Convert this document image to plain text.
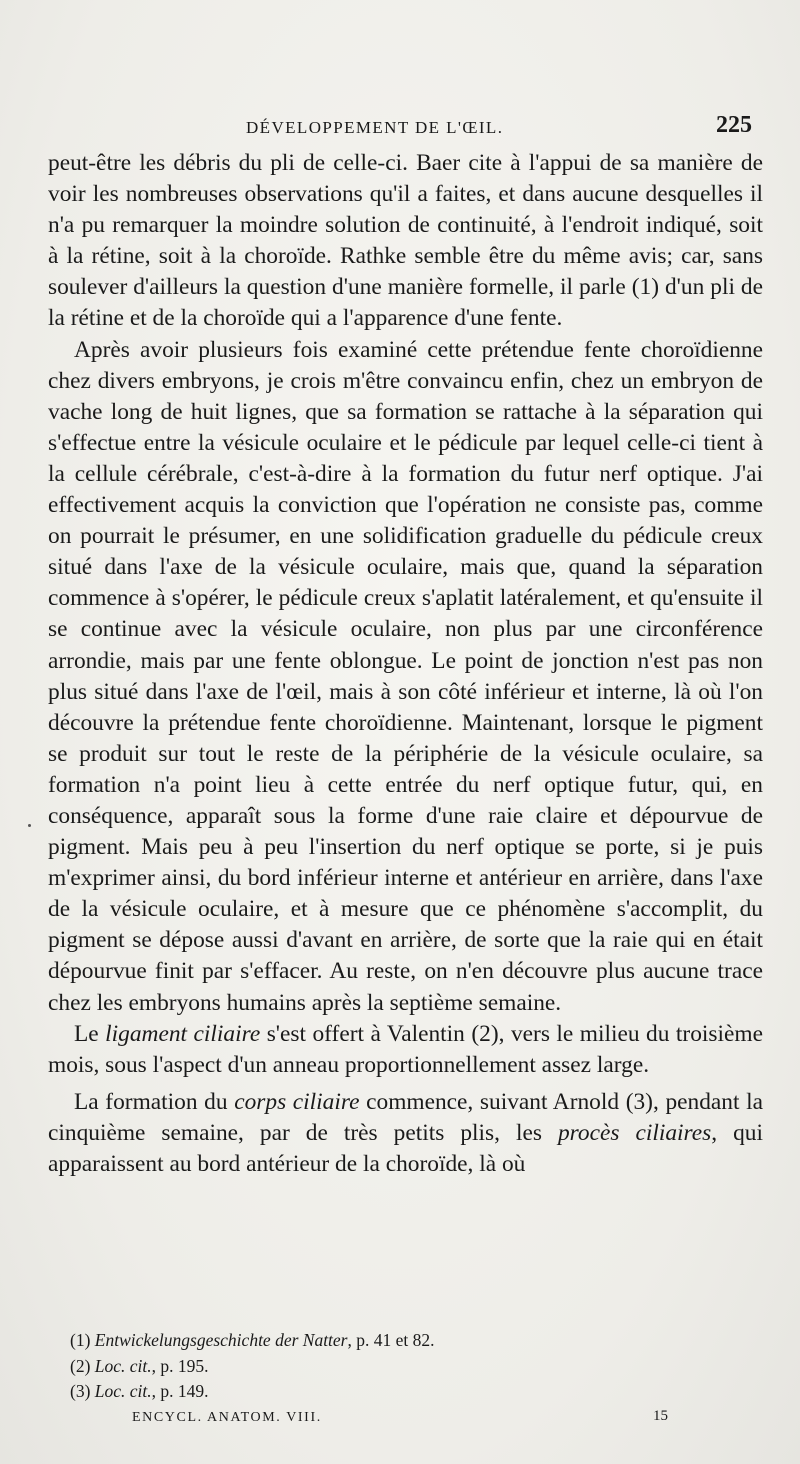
DÉVELOPPEMENT DE L'ŒIL.	225

peut-être les débris du pli de celle-ci. Baer cite à l'appui de sa manière de voir les nombreuses observations qu'il a faites, et dans aucune desquelles il n'a pu remarquer la moindre solution de continuité, à l'endroit indiqué, soit à la rétine, soit à la choroïde. Rathke semble être du même avis; car, sans soulever d'ailleurs la question d'une manière formelle, il parle (1) d'un pli de la rétine et de la choroïde qui a l'apparence d'une fente.

Après avoir plusieurs fois examiné cette prétendue fente choroïdienne chez divers embryons, je crois m'être convaincu enfin, chez un embryon de vache long de huit lignes, que sa formation se rattache à la séparation qui s'effectue entre la vésicule oculaire et le pédicule par lequel celle-ci tient à la cellule cérébrale, c'est-à-dire à la formation du futur nerf optique. J'ai effectivement acquis la conviction que l'opération ne consiste pas, comme on pourrait le présumer, en une solidification graduelle du pédicule creux situé dans l'axe de la vésicule oculaire, mais que, quand la séparation commence à s'opérer, le pédicule creux s'aplatit latéralement, et qu'ensuite il se continue avec la vésicule oculaire, non plus par une circonférence arrondie, mais par une fente oblongue. Le point de jonction n'est pas non plus situé dans l'axe de l'œil, mais à son côté inférieur et interne, là où l'on découvre la prétendue fente choroïdienne. Maintenant, lorsque le pigment se produit sur tout le reste de la périphérie de la vésicule oculaire, sa formation n'a point lieu à cette entrée du nerf optique futur, qui, en conséquence, apparaît sous la forme d'une raie claire et dépourvue de pigment. Mais peu à peu l'insertion du nerf optique se porte, si je puis m'exprimer ainsi, du bord inférieur interne et antérieur en arrière, dans l'axe de la vésicule oculaire, et à mesure que ce phénomène s'accomplit, du pigment se dépose aussi d'avant en arrière, de sorte que la raie qui en était dépourvue finit par s'effacer. Au reste, on n'en découvre plus aucune trace chez les embryons humains après la septième semaine.

Le ligament ciliaire s'est offert à Valentin (2), vers le milieu du troisième mois, sous l'aspect d'un anneau proportionnellement assez large.

La formation du corps ciliaire commence, suivant Arnold (3), pendant la cinquième semaine, par de très petits plis, les procès ciliaires, qui apparaissent au bord antérieur de la choroïde, là où

(1) Entwickelungsgeschichte der Natter, p. 41 et 82.
(2) Loc. cit., p. 195.
(3) Loc. cit., p. 149.
ENCYCL. ANATOM. VIII.	15
